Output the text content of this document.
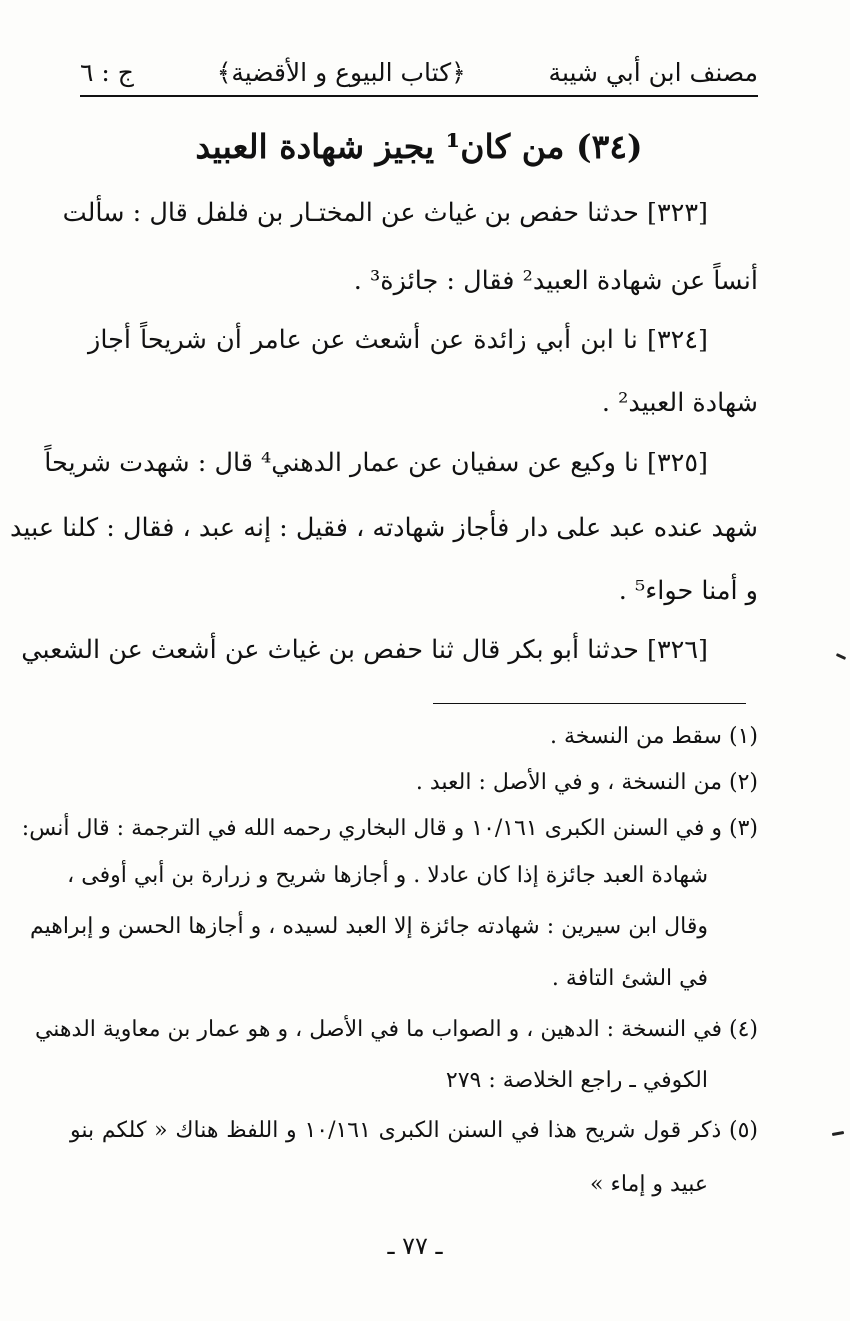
مصنف ابن أبي شيبة
﴿كتاب البيوع و الأقضية﴾
ج : ٦
(٣٤) من كان¹ يجيز شهادة العبيد
[٣٢٣] حدثنا حفص بن غياث عن المختـار بن فلفل قال : سألت
أنساً عن شهادة العبيد² فقال : جائزة³ .
[٣٢٤] نا ابن أبي زائدة عن أشعث عن عامر أن شريحاً أجاز
شهادة العبيد² .
[٣٢٥] نا وكيع عن سفيان عن عمار الدهني⁴ قال : شهدت شريحاً
شهد عنده عبد على دار فأجاز شهادته ، فقيل : إنه عبد ، فقال : كلنا عبيد
و أمنا حواء⁵ .
[٣٢٦] حدثنا أبو بكر قال ثنا حفص بن غياث عن أشعث عن الشعبي
(١) سقط من النسخة .
(٢) من النسخة ، و في الأصل : العبد .
(٣) و في السنن الكبرى ١٠/١٦١ و قال البخاري رحمه الله في الترجمة : قال أنس:
شهادة العبد جائزة إذا كان عادلا . و أجازها شريح و زرارة بن أبي أوفى ،
وقال ابن سيرين : شهادته جائزة إلا العبد لسيده ، و أجازها الحسن و إبراهيم
في الشئ التافة .
(٤) في النسخة : الدهين ، و الصواب ما في الأصل ، و هو عمار بن معاوية الدهني
الكوفي ـ راجع الخلاصة : ٢٧٩
(٥) ذكر قول شريح هذا في السنن الكبرى ١٠/١٦١ و اللفظ هناك « كلكم بنو
عبيد و إماء »
ـ ٧٧ ـ
